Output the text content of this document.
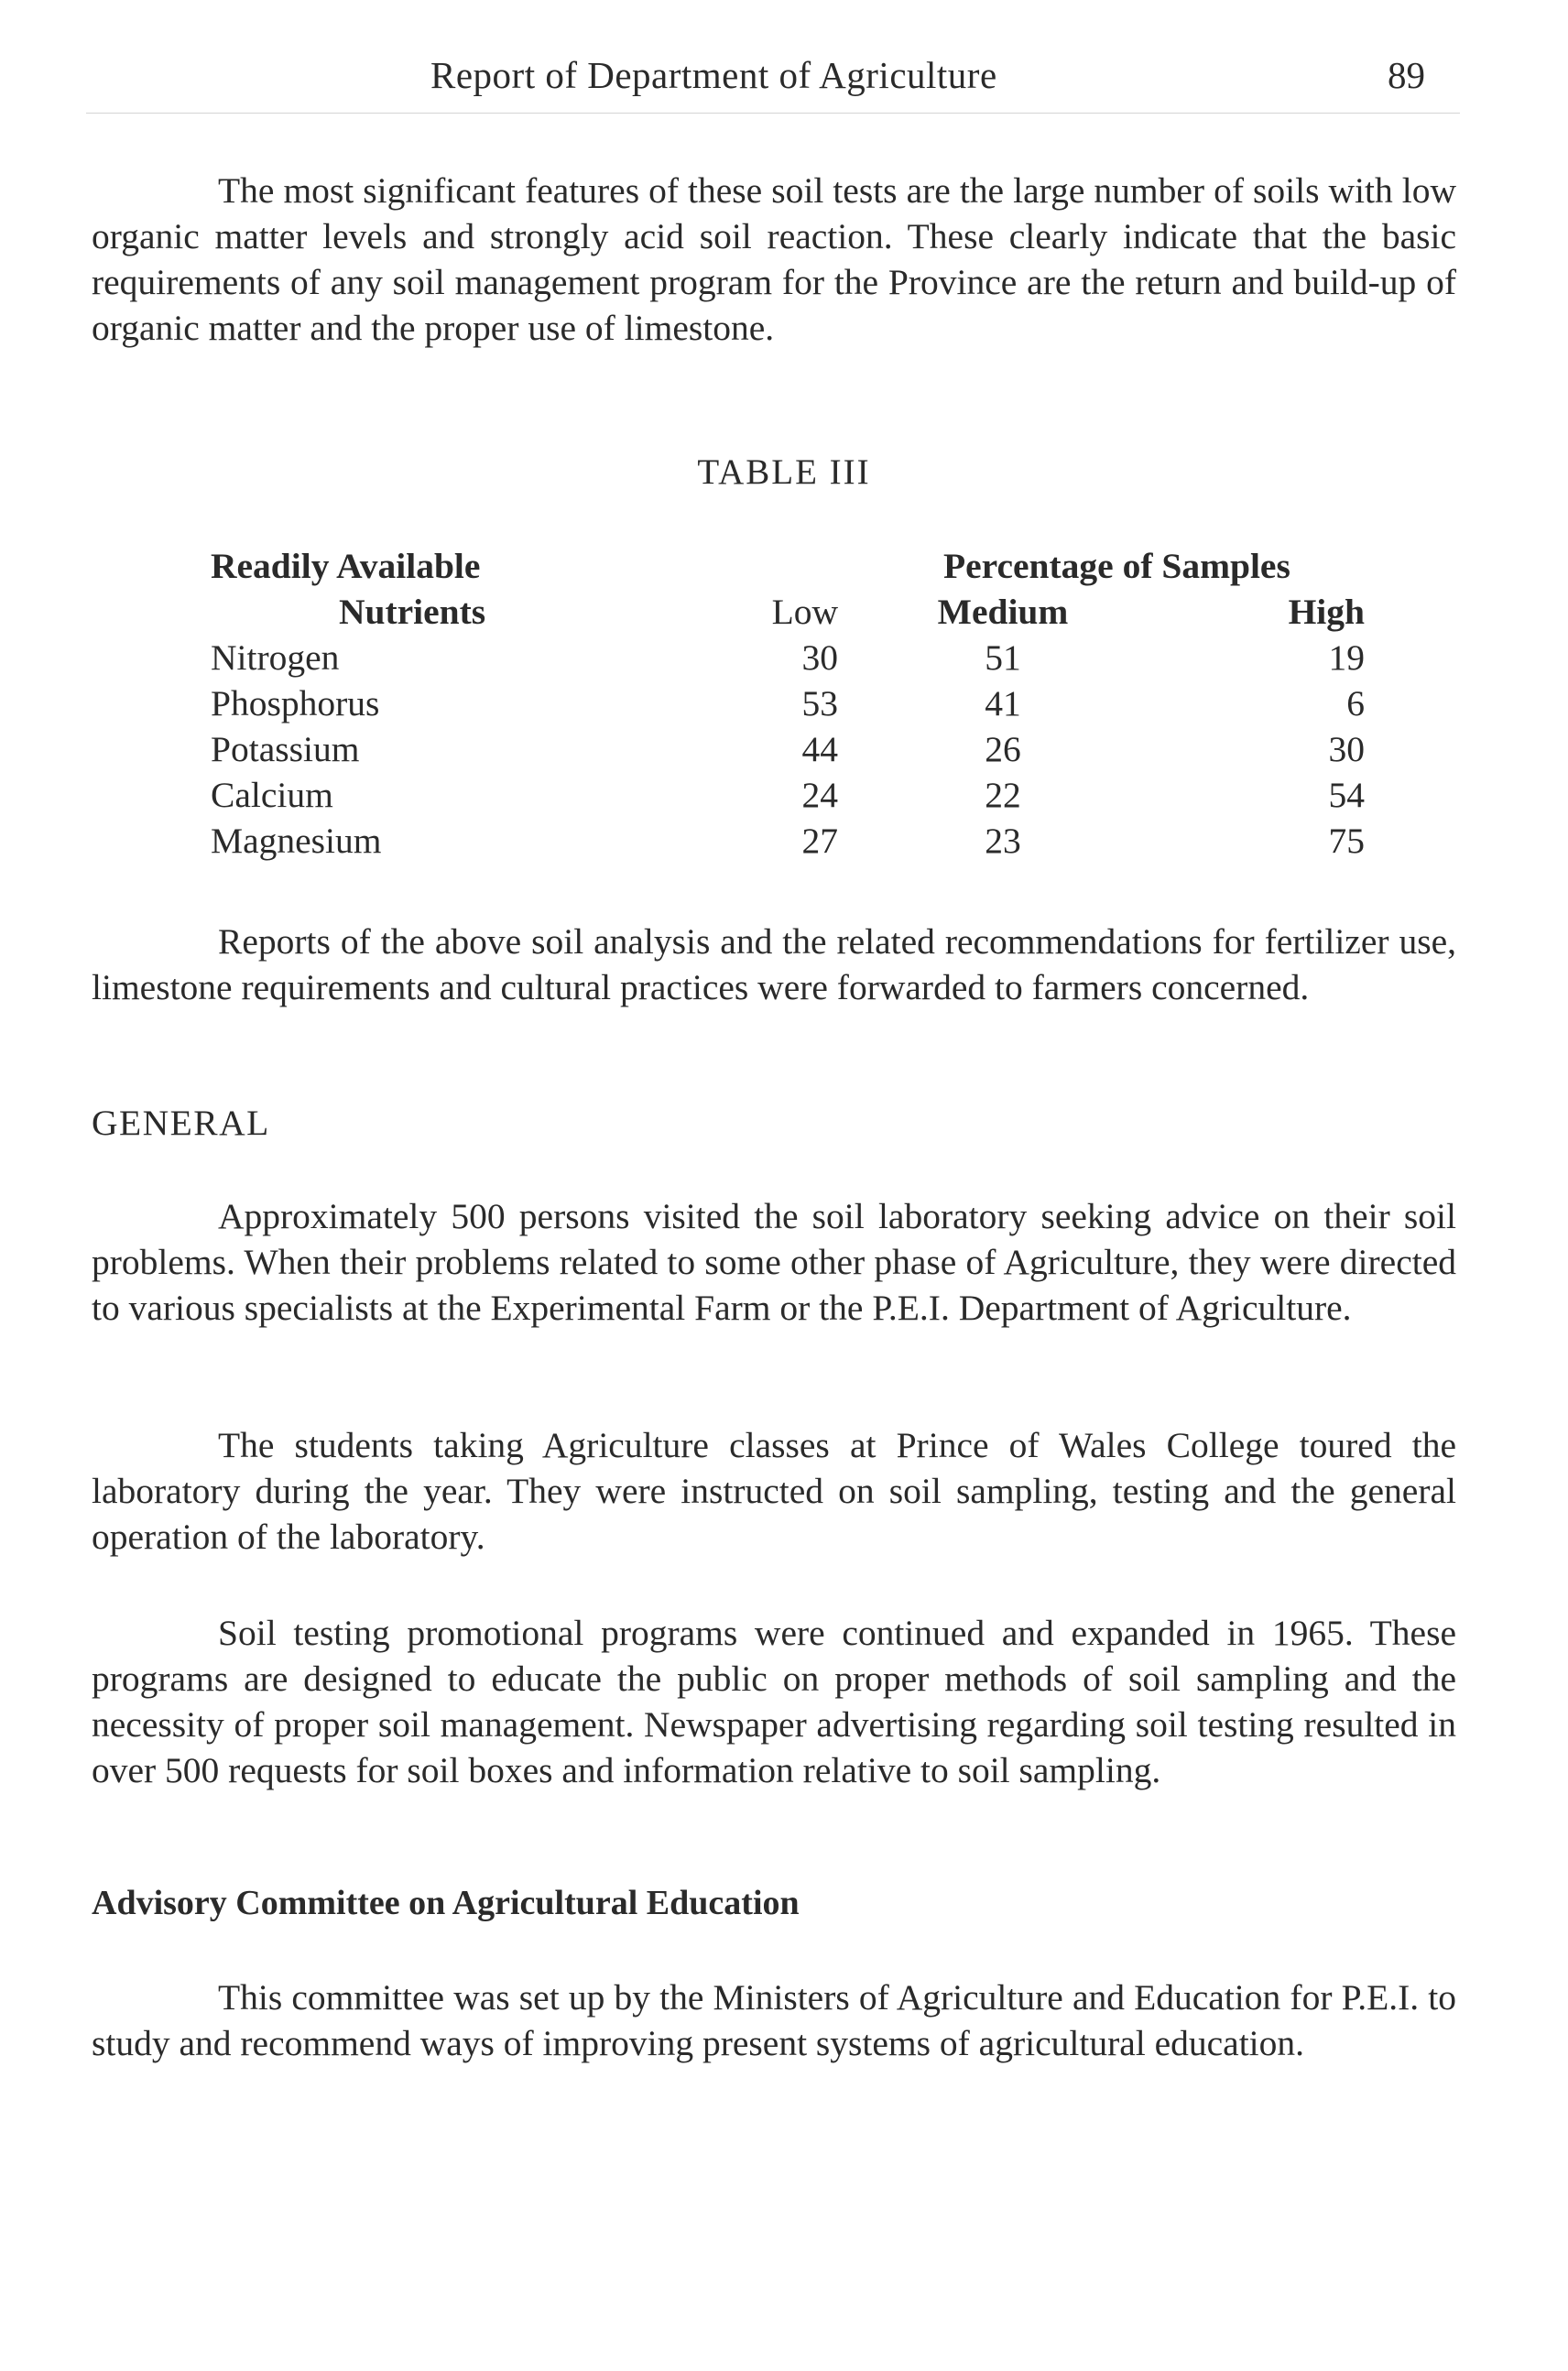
Report of Department of Agriculture	89
The most significant features of these soil tests are the large number of soils with low organic matter levels and strongly acid soil reaction. These clearly indicate that the basic requirements of any soil management program for the Province are the return and build-up of organic matter and the proper use of limestone.
TABLE III
Readily Available	Percentage of Samples
Nutrients	Low	Medium	High
Nitrogen	30	51	19
Phosphorus	53	41	6
Potassium	44	26	30
Calcium	24	22	54
Magnesium	27	23	75
Reports of the above soil analysis and the related recommendations for fertilizer use, limestone requirements and cultural practices were forwarded to farmers concerned.
GENERAL
Approximately 500 persons visited the soil laboratory seeking advice on their soil problems. When their problems related to some other phase of Agriculture, they were directed to various specialists at the Experimental Farm or the P.E.I. Department of Agriculture.
The students taking Agriculture classes at Prince of Wales College toured the laboratory during the year. They were instructed on soil sampling, testing and the general operation of the laboratory.
Soil testing promotional programs were continued and expanded in 1965. These programs are designed to educate the public on proper methods of soil sampling and the necessity of proper soil management. Newspaper advertising regarding soil testing resulted in over 500 requests for soil boxes and information relative to soil sampling.
Advisory Committee on Agricultural Education
This committee was set up by the Ministers of Agriculture and Education for P.E.I. to study and recommend ways of improving present systems of agricultural education.
